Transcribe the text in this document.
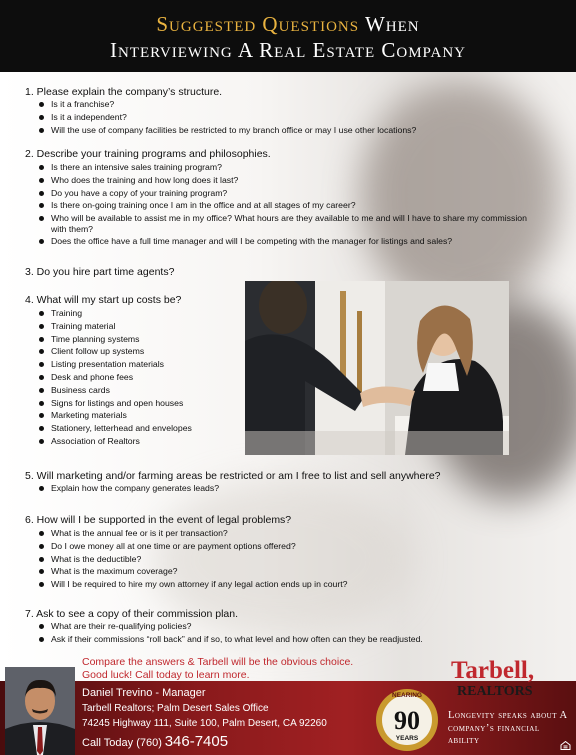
Suggested Questions When
Interviewing A Real Estate Company
1. Please explain the company’s structure.
Is it a franchise?
Is it a independent?
Will the use of company facilities be restricted to my branch office or may I use other locations?
2. Describe your training programs and philosophies.
Is there an intensive sales training program?
Who does the training and how long does it last?
Do you have a copy of your training program?
Is there on-going training once I am in the office and at all stages of my career?
Who will be available to assist me in my office? What hours are they available to me and will I have to share my commission with them?
Does the office have a full time manager and will I be competing with the manager for listings and sales?
3. Do you hire part time agents?
4. What will my start up costs be?
Training
Training material
Time planning systems
Client follow up systems
Listing presentation materials
Desk and phone fees
Business cards
Signs for listings and open houses
Marketing materials
Stationery, letterhead and envelopes
Association of Realtors
5. Will marketing and/or farming areas be restricted or am I free to list and sell anywhere?
Explain how the company generates leads?
6. How will I be supported in the event of legal problems?
What is the annual fee or is it per transaction?
Do I owe money all at one time or are payment options offered?
What is the deductible?
What is the maximum coverage?
Will I be required to hire my own attorney if any legal action ends up in court?
7. Ask to see a copy of their commission plan.
What are their re-qualifying policies?
Ask if their commissions “roll back” and if so, to what level and how often can they be readjusted.
Compare the answers & Tarbell will be the obvious choice.
Good luck! Call today to learn more.
Daniel Trevino - Manager
Tarbell Realtors; Palm Desert Sales Office
74245 Highway 111, Suite 100, Palm Desert, CA 92260
Call Today (760) 346-7405
Tarbell,
REALTORS
NEARING
90
YEARS
Longevity speaks about A company’s financial ability
